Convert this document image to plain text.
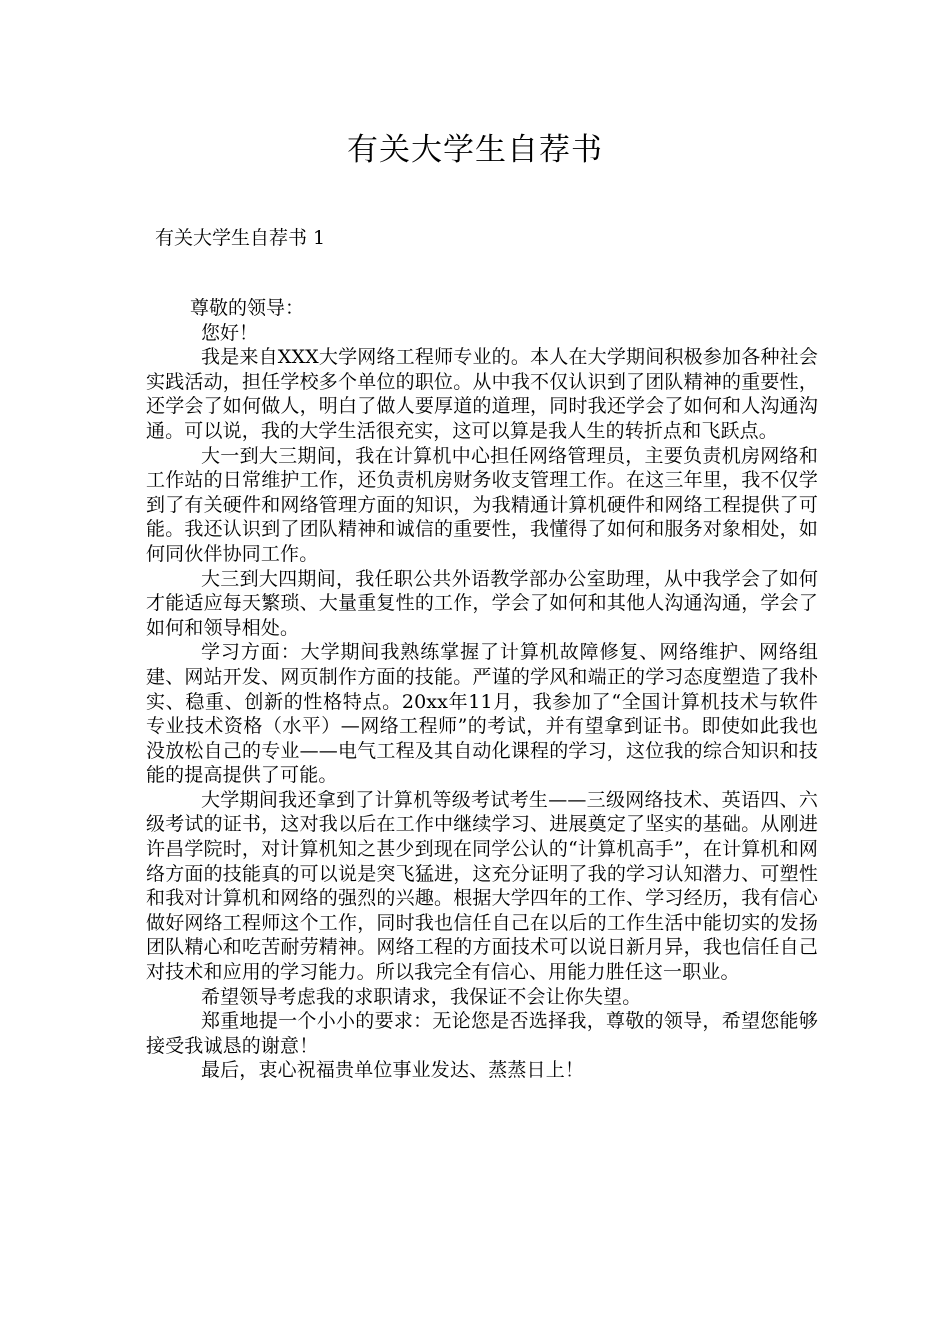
有关大学生自荐书
有关大学生自荐书 1

尊敬的领导：

您好！

我是来自XXX大学网络工程师专业的。本人在大学期间积极参加各种社会实践活动，担任学校多个单位的职位。从中我不仅认识到了团队精神的重要性，还学会了如何做人，明白了做人要厚道的道理，同时我还学会了如何和人沟通沟通。可以说，我的大学生活很充实，这可以算是我人生的转折点和飞跃点。

大一到大三期间，我在计算机中心担任网络管理员，主要负责机房网络和工作站的日常维护工作，还负责机房财务收支管理工作。在这三年里，我不仅学到了有关硬件和网络管理方面的知识，为我精通计算机硬件和网络工程提供了可能。我还认识到了团队精神和诚信的重要性，我懂得了如何和服务对象相处，如何同伙伴协同工作。

大三到大四期间，我任职公共外语教学部办公室助理，从中我学会了如何才能适应每天繁琐、大量重复性的工作，学会了如何和其他人沟通沟通，学会了如何和领导相处。

学习方面：大学期间我熟练掌握了计算机故障修复、网络维护、网络组建、网站开发、网页制作方面的技能。严谨的学风和端正的学习态度塑造了我朴实、稳重、创新的性格特点。20xx年11月，我参加了“全国计算机技术与软件专业技术资格（水平）—网络工程师”的考试，并有望拿到证书。即使如此我也没放松自己的专业——电气工程及其自动化课程的学习，这位我的综合知识和技能的提高提供了可能。

大学期间我还拿到了计算机等级考试考生——三级网络技术、英语四、六级考试的证书，这对我以后在工作中继续学习、进展奠定了坚实的基础。从刚进许昌学院时，对计算机知之甚少到现在同学公认的“计算机高手”，在计算机和网络方面的技能真的可以说是突飞猛进，这充分证明了我的学习认知潜力、可塑性和我对计算机和网络的强烈的兴趣。根据大学四年的工作、学习经历，我有信心做好网络工程师这个工作，同时我也信任自己在以后的工作生活中能切实的发扬团队精心和吃苦耐劳精神。网络工程的方面技术可以说日新月异，我也信任自己对技术和应用的学习能力。所以我完全有信心、用能力胜任这一职业。

希望领导考虑我的求职请求，我保证不会让你失望。

郑重地提一个小小的要求：无论您是否选择我，尊敬的领导，希望您能够接受我诚恳的谢意！

最后，衷心祝福贵单位事业发达、蒸蒸日上！
